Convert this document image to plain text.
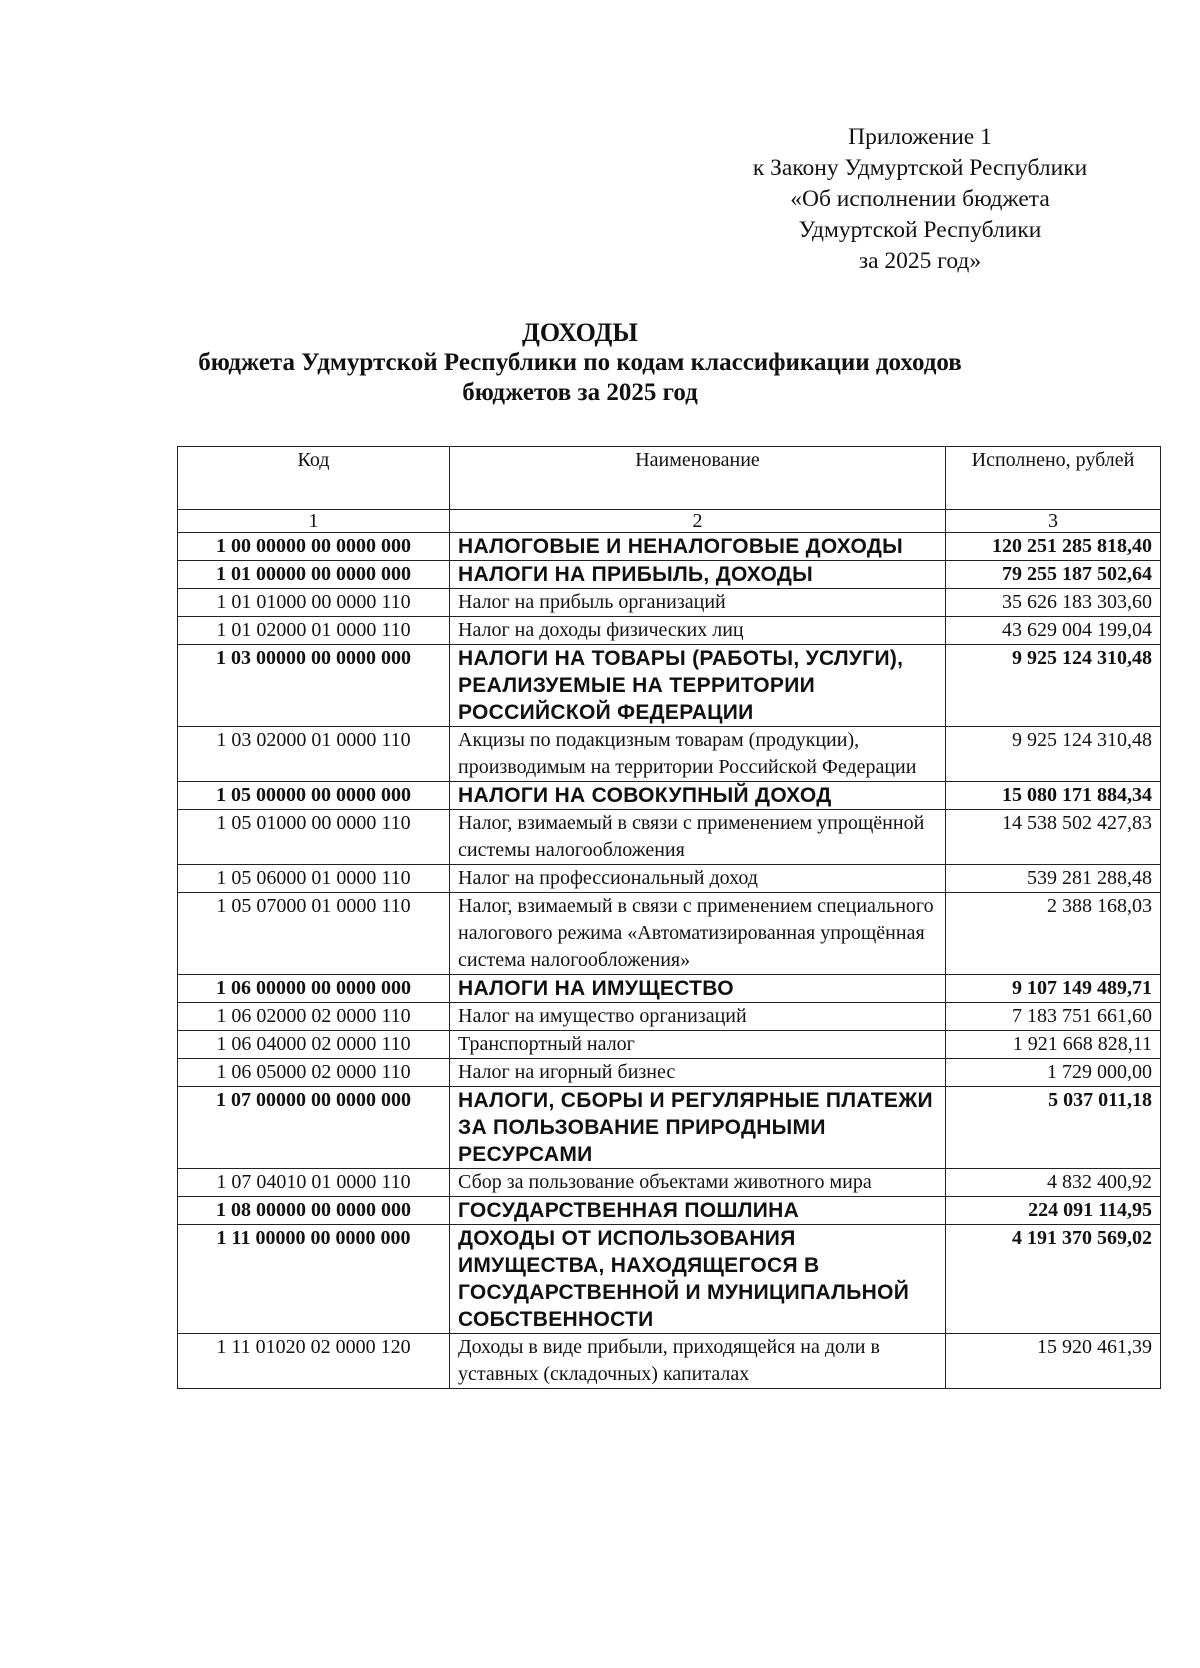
Приложение 1
к Закону Удмуртской Республики
«Об исполнении бюджета
Удмуртской Республики
за 2025 год»
ДОХОДЫ
бюджета Удмуртской Республики по кодам классификации доходов
бюджетов за 2025 год
Код	Наименование	Исполнено, рублей
1	2	3
1 00 00000 00 0000 000	НАЛОГОВЫЕ И НЕНАЛОГОВЫЕ ДОХОДЫ	120 251 285 818,40
1 01 00000 00 0000 000	НАЛОГИ НА ПРИБЫЛЬ, ДОХОДЫ	79 255 187 502,64
1 01 01000 00 0000 110	Налог на прибыль организаций	35 626 183 303,60
1 01 02000 01 0000 110	Налог на доходы физических лиц	43 629 004 199,04
1 03 00000 00 0000 000	НАЛОГИ НА ТОВАРЫ (РАБОТЫ, УСЛУГИ), РЕАЛИЗУЕМЫЕ НА ТЕРРИТОРИИ РОССИЙСКОЙ ФЕДЕРАЦИИ	9 925 124 310,48
1 03 02000 01 0000 110	Акцизы по подакцизным товарам (продукции), производимым на территории Российской Федерации	9 925 124 310,48
1 05 00000 00 0000 000	НАЛОГИ НА СОВОКУПНЫЙ ДОХОД	15 080 171 884,34
1 05 01000 00 0000 110	Налог, взимаемый в связи с применением упрощённой системы налогообложения	14 538 502 427,83
1 05 06000 01 0000 110	Налог на профессиональный доход	539 281 288,48
1 05 07000 01 0000 110	Налог, взимаемый в связи с применением специального налогового режима «Автоматизированная упрощённая система налогообложения»	2 388 168,03
1 06 00000 00 0000 000	НАЛОГИ НА ИМУЩЕСТВО	9 107 149 489,71
1 06 02000 02 0000 110	Налог на имущество организаций	7 183 751 661,60
1 06 04000 02 0000 110	Транспортный налог	1 921 668 828,11
1 06 05000 02 0000 110	Налог на игорный бизнес	1 729 000,00
1 07 00000 00 0000 000	НАЛОГИ, СБОРЫ И РЕГУЛЯРНЫЕ ПЛАТЕЖИ ЗА ПОЛЬЗОВАНИЕ ПРИРОДНЫМИ РЕСУРСАМИ	5 037 011,18
1 07 04010 01 0000 110	Сбор за пользование объектами животного мира	4 832 400,92
1 08 00000 00 0000 000	ГОСУДАРСТВЕННАЯ ПОШЛИНА	224 091 114,95
1 11 00000 00 0000 000	ДОХОДЫ ОТ ИСПОЛЬЗОВАНИЯ ИМУЩЕСТВА, НАХОДЯЩЕГОСЯ В ГОСУДАРСТВЕННОЙ И МУНИЦИПАЛЬНОЙ СОБСТВЕННОСТИ	4 191 370 569,02
1 11 01020 02 0000 120	Доходы в виде прибыли, приходящейся на доли в уставных (складочных) капиталах	15 920 461,39
